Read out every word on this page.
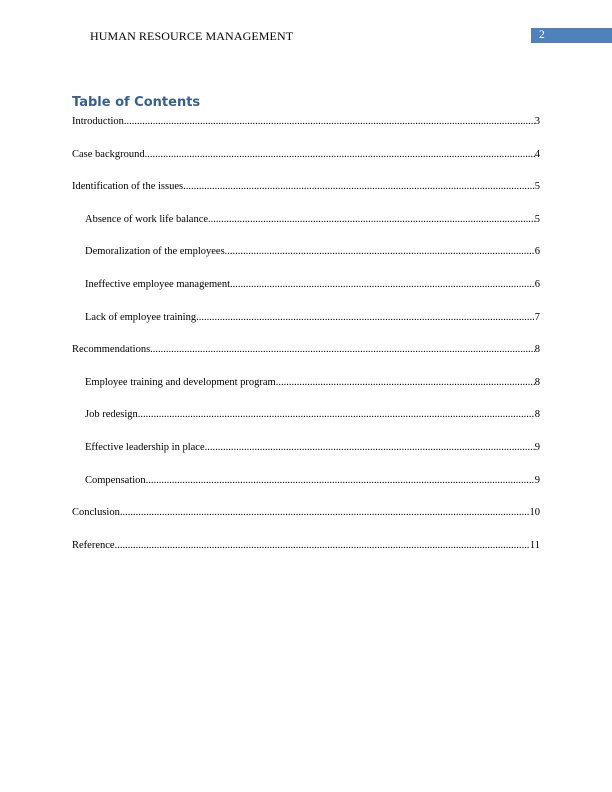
HUMAN RESOURCE MANAGEMENT	2
Table of Contents
Introduction .....	3
Case background .....	4
Identification of the issues .....	5
Absence of work life balance .....	5
Demoralization of the employees .....	6
Ineffective employee management .....	6
Lack of employee training .....	7
Recommendations .....	8
Employee training and development program .....	8
Job redesign .....	8
Effective leadership in place .....	9
Compensation .....	9
Conclusion .....	10
Reference .....	11
